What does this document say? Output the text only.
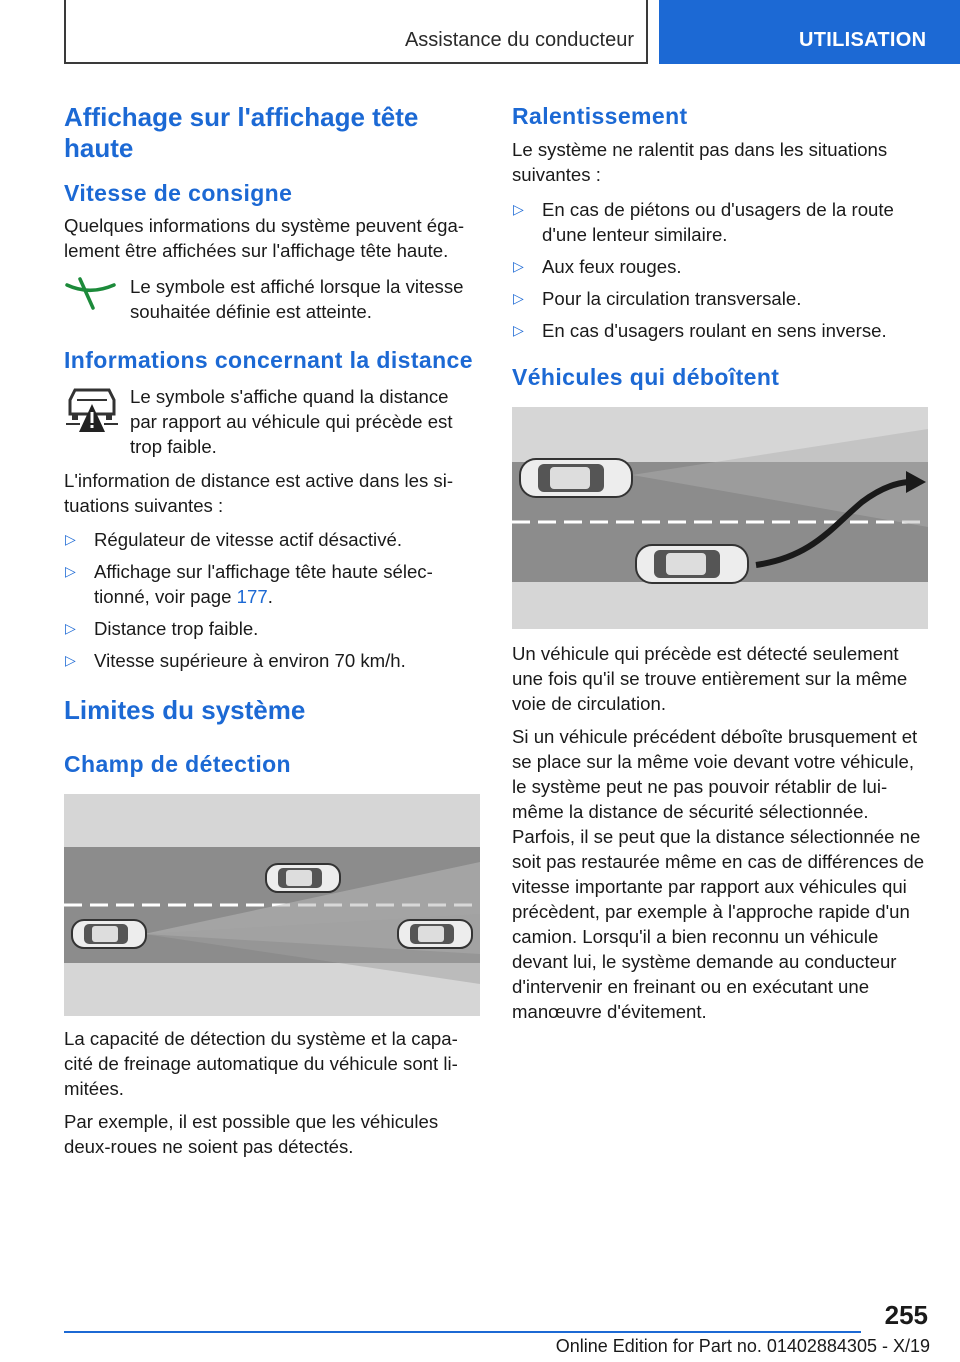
Assistance du conducteur	UTILISATION
Affichage sur l'affichage tête haute
Vitesse de consigne

Quelques informations du système peuvent également être affichées sur l'affichage tête haute.

Le symbole est affiché lorsque la vitesse souhaitée définie est atteinte.

Informations concernant la distance

Le symbole s'affiche quand la distance par rapport au véhicule qui précède est trop faible.

L'information de distance est active dans les situations suivantes :

▷ Régulateur de vitesse actif désactivé.
▷ Affichage sur l'affichage tête haute sélectionné, voir page 177.
▷ Distance trop faible.
▷ Vitesse supérieure à environ 70 km/h.
Limites du système
Champ de détection

La capacité de détection du système et la capacité de freinage automatique du véhicule sont limitées.

Par exemple, il est possible que les véhicules deux-roues ne soient pas détectés.

Ralentissement

Le système ne ralentit pas dans les situations suivantes :

▷ En cas de piétons ou d'usagers de la route d'une lenteur similaire.
▷ Aux feux rouges.
▷ Pour la circulation transversale.
▷ En cas d'usagers roulant en sens inverse.
Véhicules qui déboîtent

Un véhicule qui précède est détecté seulement une fois qu'il se trouve entièrement sur la même voie de circulation.

Si un véhicule précédent déboîte brusquement et se place sur la même voie devant votre véhicule, le système peut ne pas pouvoir rétablir de lui-même la distance de sécurité sélectionnée. Parfois, il se peut que la distance sélectionnée ne soit pas restaurée même en cas de différences de vitesse importante par rapport aux véhicules qui précèdent, par exemple à l'approche rapide d'un camion. Lorsqu'il a bien reconnu un véhicule devant lui, le système demande au conducteur d'intervenir en freinant ou en exécutant une manœuvre d'évitement.

255
Online Edition for Part no. 01402884305 - X/19
